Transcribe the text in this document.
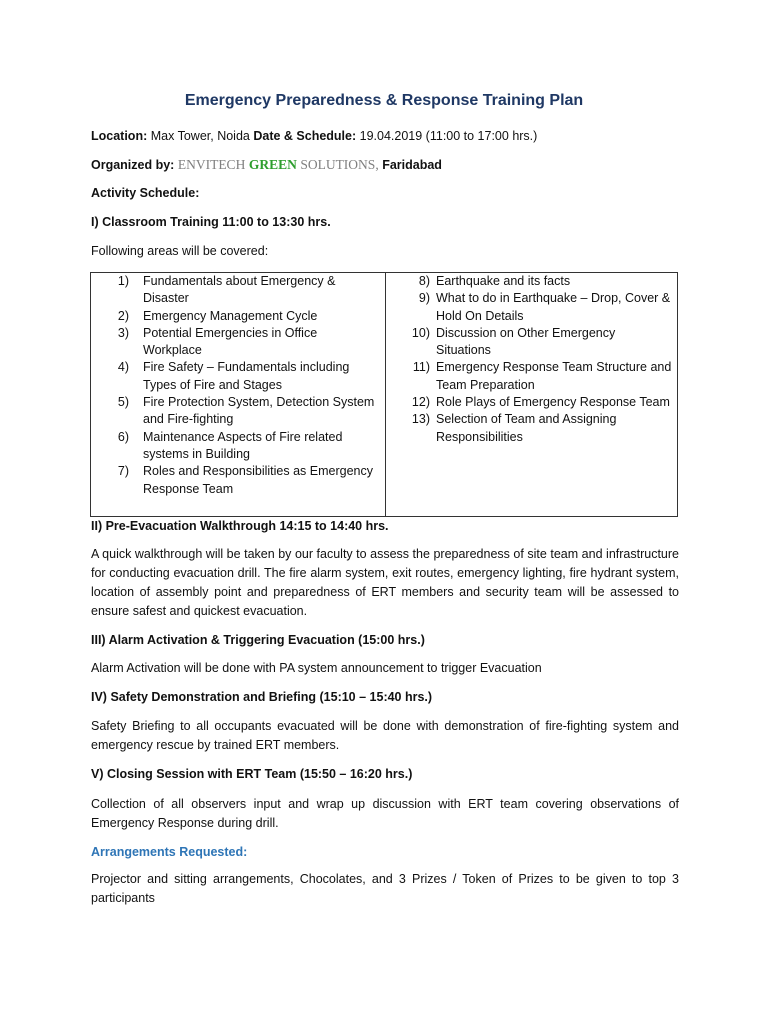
Emergency Preparedness & Response Training Plan
Location: Max Tower, Noida Date & Schedule: 19.04.2019 (11:00 to 17:00 hrs.)
Organized by: ENVITECH GREEN SOLUTIONS, Faridabad
Activity Schedule:
I) Classroom Training 11:00 to 13:30 hrs.
Following areas will be covered:
1) Fundamentals about Emergency & Disaster
2) Emergency Management Cycle
3) Potential Emergencies in Office Workplace
4) Fire Safety – Fundamentals including Types of Fire and Stages
5) Fire Protection System, Detection System and Fire-fighting
6) Maintenance Aspects of Fire related systems in Building
7) Roles and Responsibilities as Emergency Response Team

8) Earthquake and its facts
9) What to do in Earthquake – Drop, Cover & Hold On Details
10) Discussion on Other Emergency Situations
11) Emergency Response Team Structure and Team Preparation
12) Role Plays of Emergency Response Team
13) Selection of Team and Assigning Responsibilities
II) Pre-Evacuation Walkthrough 14:15 to 14:40 hrs.
A quick walkthrough will be taken by our faculty to assess the preparedness of site team and infrastructure for conducting evacuation drill. The fire alarm system, exit routes, emergency lighting, fire hydrant system, location of assembly point and preparedness of ERT members and security team will be assessed to ensure safest and quickest evacuation.
III) Alarm Activation & Triggering Evacuation (15:00 hrs.)
Alarm Activation will be done with PA system announcement to trigger Evacuation
IV) Safety Demonstration and Briefing (15:10 – 15:40 hrs.)
Safety Briefing to all occupants evacuated will be done with demonstration of fire-fighting system and emergency rescue by trained ERT members.
V) Closing Session with ERT Team (15:50 – 16:20 hrs.)
Collection of all observers input and wrap up discussion with ERT team covering observations of Emergency Response during drill.
Arrangements Requested:
Projector and sitting arrangements, Chocolates, and 3 Prizes / Token of Prizes to be given to top 3 participants
